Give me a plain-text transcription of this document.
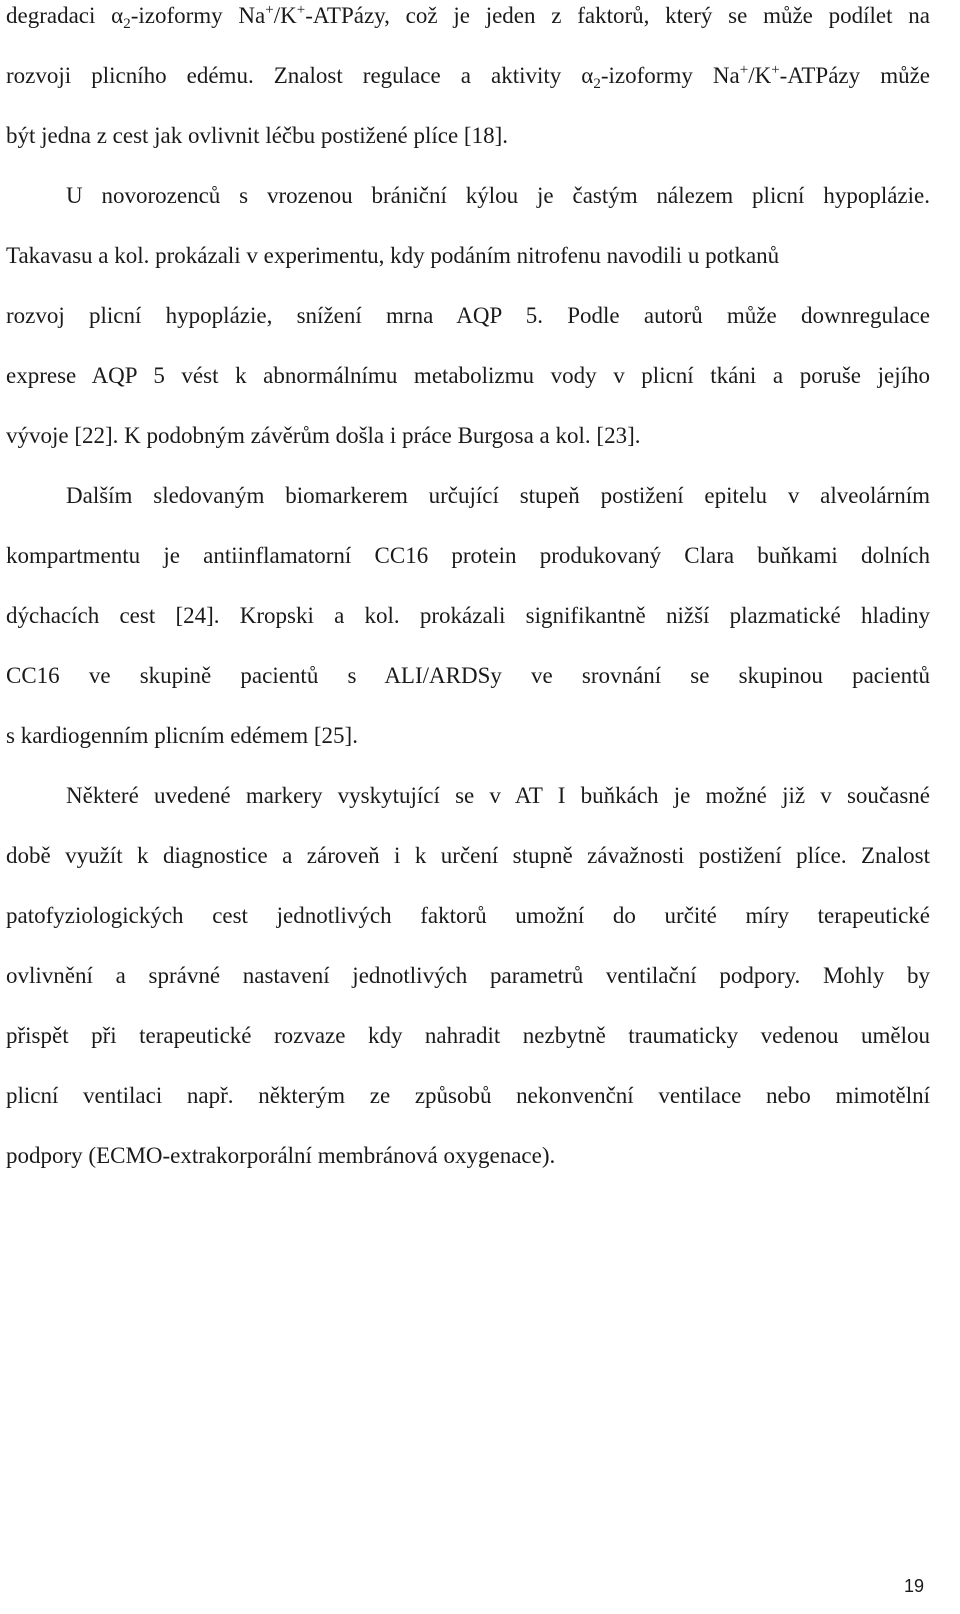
degradaci $\alpha_2$-izoformy Na+/K+-ATPázy, což je jeden z faktorů, který se může podílet na
rozvoji plicního edému. Znalost regulace a aktivity $\alpha_2$-izoformy Na+/K+-ATPázy může
být jedna z cest jak ovlivnit léčbu postižené plíce [18].
U novorozenců s vrozenou brániční kýlou je častým nálezem plicní hypoplázie.
Takavasu a kol. prokázali v experimentu, kdy podáním nitrofenu navodili u potkanů
rozvoj plicní hypoplázie, snížení mrna AQP 5. Podle autorů může downregulace
exprese AQP 5 vést k abnormálnímu metabolizmu vody v plicní tkáni a poruše jejího
vývoje [22]. K podobným závěrům došla i práce Burgosa a kol. [23].
Dalším sledovaným biomarkerem určující stupeň postižení epitelu v alveolárním
kompartmentu je antiinflamatorní CC16 protein produkovaný Clara buňkami dolních
dýchacích cest [24]. Kropski a kol. prokázali signifikantně nižší plazmatické hladiny
CC16 ve skupině pacientů s ALI/ARDSy ve srovnání se skupinou pacientů
s kardiogenním plicním edémem [25].
Některé uvedené markery vyskytující se v AT I buňkách je možné již v současné
době využít k diagnostice a zároveň i k určení stupně závažnosti postižení plíce. Znalost
patofyziologických cest jednotlivých faktorů umožní do určité míry terapeutické
ovlivnění a správné nastavení jednotlivých parametrů ventilační podpory. Mohly by
přispět při terapeutické rozvaze kdy nahradit nezbytně traumaticky vedenou umělou
plicní ventilaci např. některým ze způsobů nekonvenční ventilace nebo mimotělní
podpory (ECMO-extrakorporální membránová oxygenace).
19
